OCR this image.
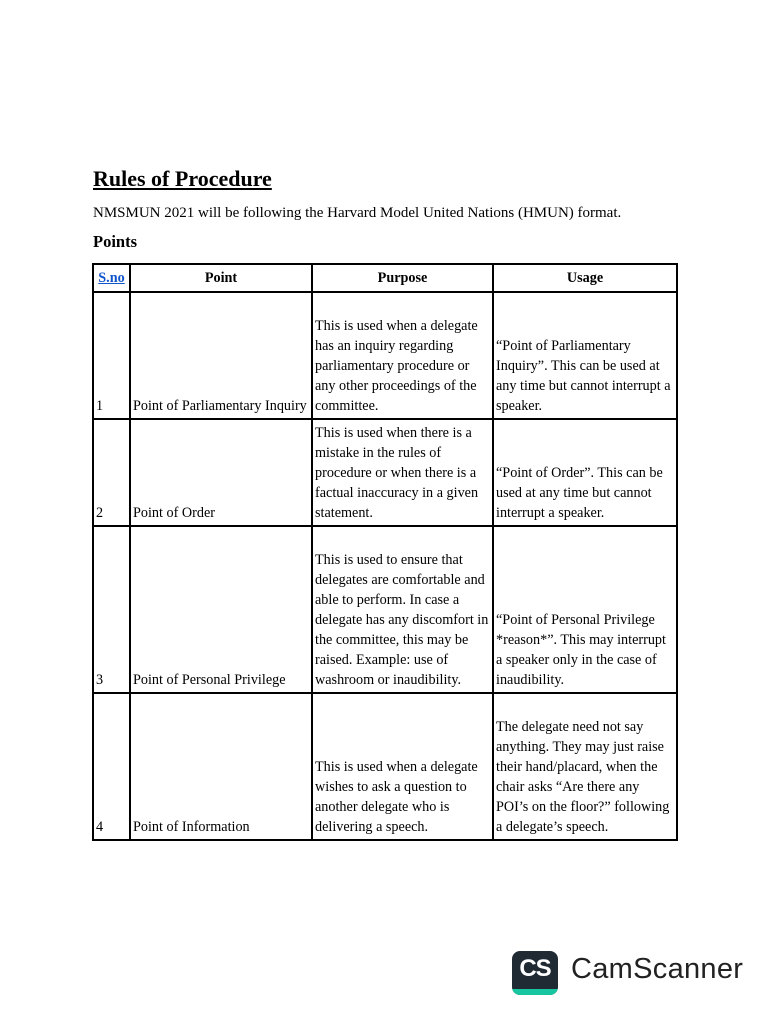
Rules of Procedure
NMSMUN 2021 will be following the Harvard Model United Nations (HMUN) format.
Points
S.no	Point	Purpose	Usage
1	Point of Parliamentary Inquiry	This is used when a delegate has an inquiry regarding parliamentary procedure or any other proceedings of the committee.	“Point of Parliamentary Inquiry”. This can be used at any time but cannot interrupt a speaker.
2	Point of Order	This is used when there is a mistake in the rules of procedure or when there is a factual inaccuracy in a given statement.	“Point of Order”. This can be used at any time but cannot interrupt a speaker.
3	Point of Personal Privilege	This is used to ensure that delegates are comfortable and able to perform. In case a delegate has any discomfort in the committee, this may be raised. Example: use of washroom or inaudibility.	“Point of Personal Privilege *reason*”. This may interrupt a speaker only in the case of inaudibility.
4	Point of Information	This is used when a delegate wishes to ask a question to another delegate who is delivering a speech.	The delegate need not say anything. They may just raise their hand/placard, when the chair asks “Are there any POI’s on the floor?” following a delegate’s speech.
CS CamScanner
